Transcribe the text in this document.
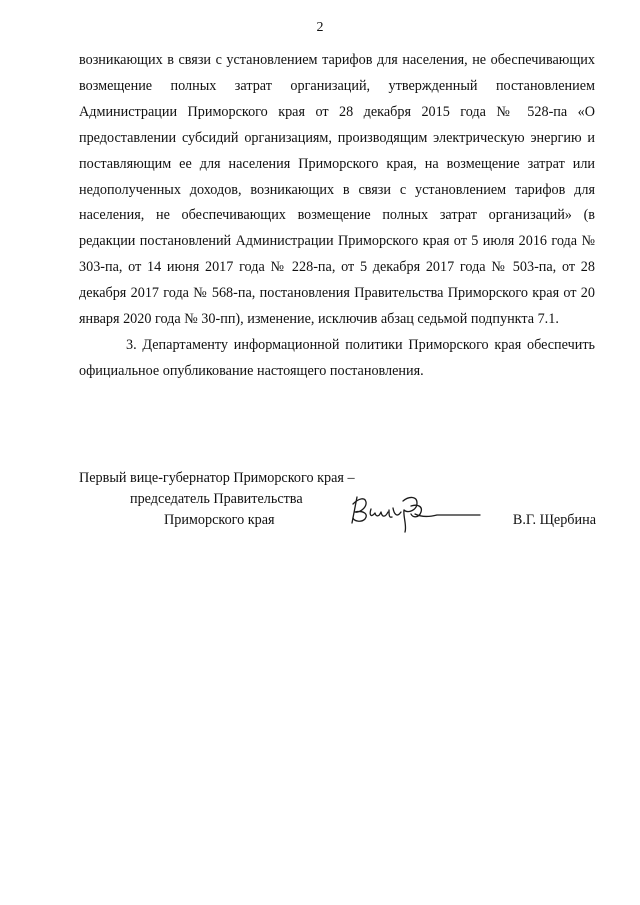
2

возникающих в связи с установлением тарифов для населения, не обеспечивающих возмещение полных затрат организаций, утвержденный постановлением Администрации Приморского края от 28 декабря 2015 года № 528-па «О предоставлении субсидий организациям, производящим электрическую энергию и поставляющим ее для населения Приморского края, на возмещение затрат или недополученных доходов, возникающих в связи с установлением тарифов для населения, не обеспечивающих возмещение полных затрат организаций» (в редакции постановлений Администрации Приморского края от 5 июля 2016 года № 303-па, от 14 июня 2017 года № 228-па, от 5 декабря 2017 года № 503-па, от 28 декабря 2017 года № 568-па, постановления Правительства Приморского края от 20 января 2020 года № 30-пп), изменение, исключив абзац седьмой подпункта 7.1.

3. Департаменту информационной политики Приморского края обеспечить официальное опубликование настоящего постановления.

Первый вице-губернатор Приморского края –
председатель Правительства
Приморского края	В.Г. Щербина
